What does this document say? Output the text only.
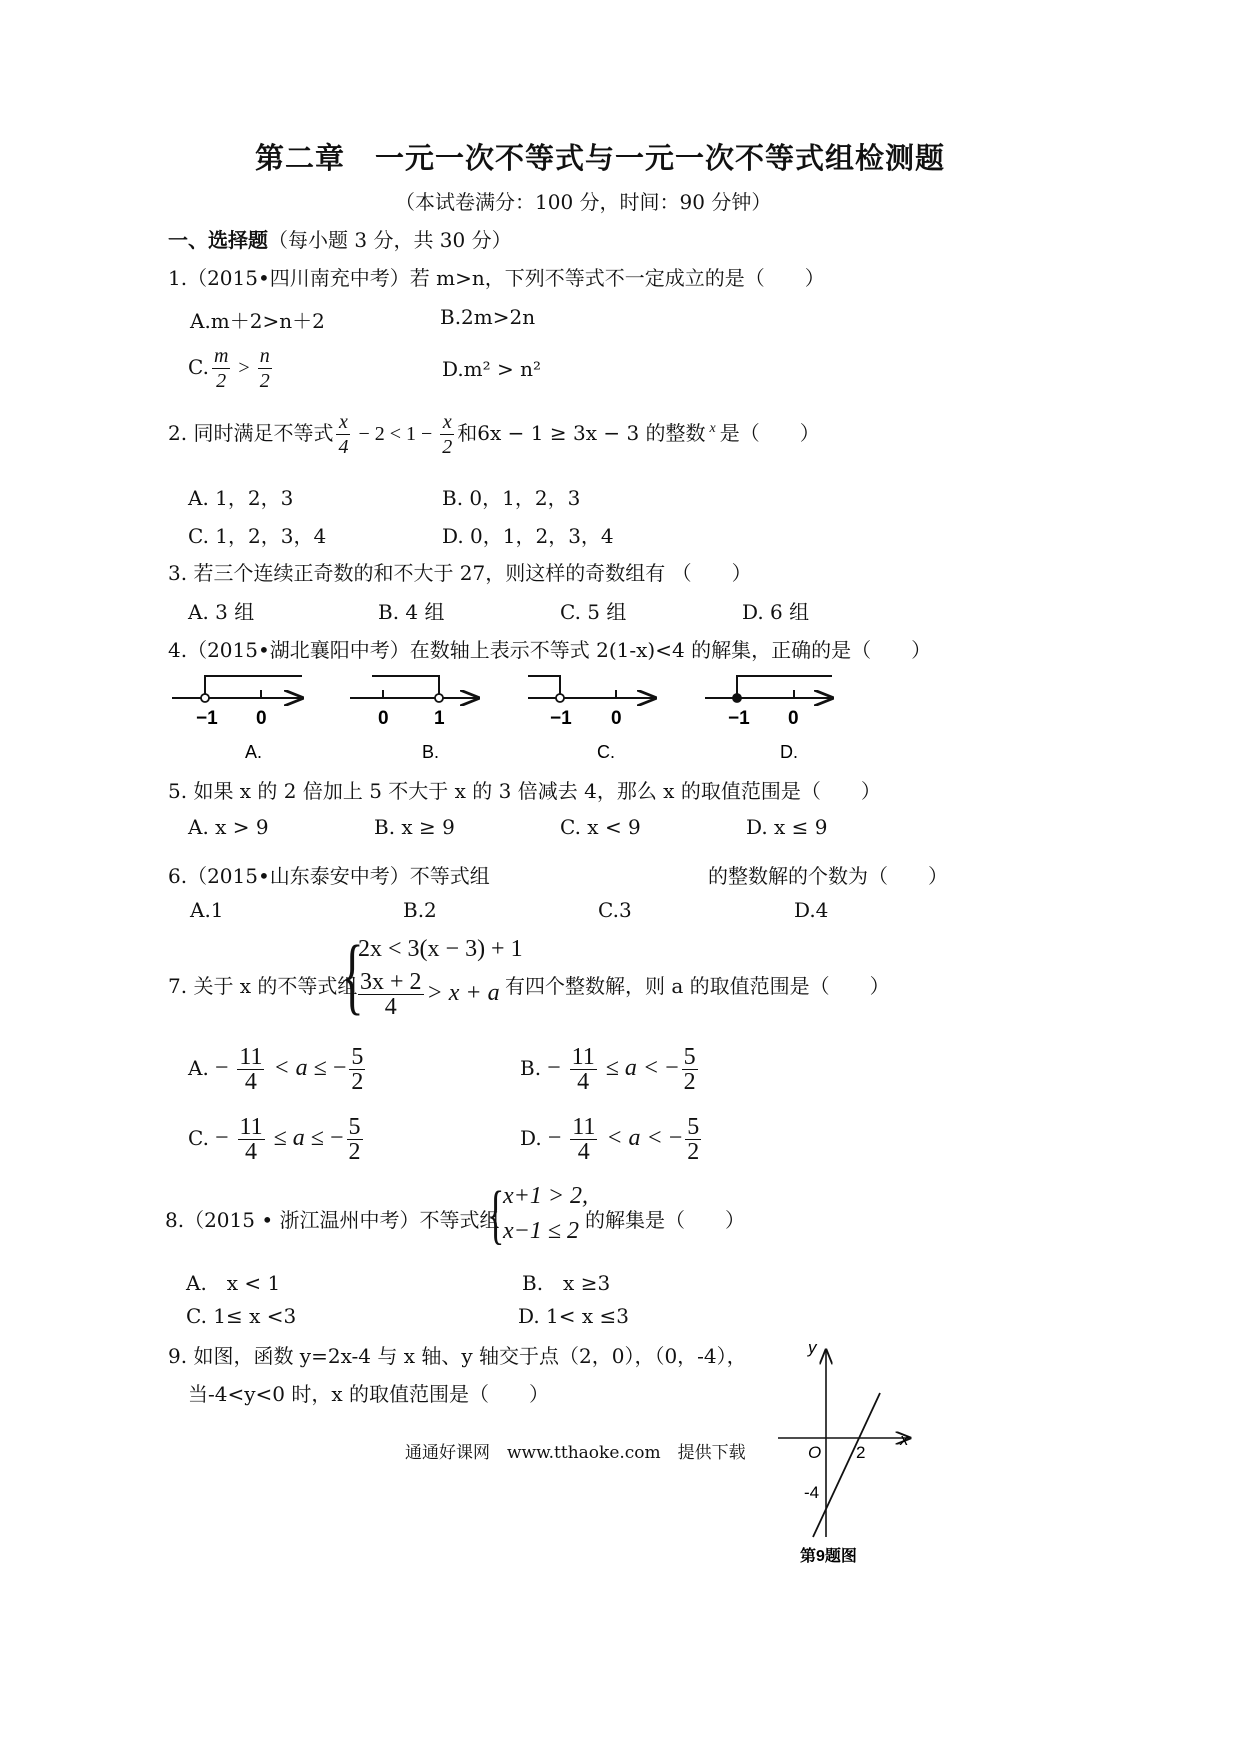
第二章　一元一次不等式与一元一次不等式组检测题
（本试卷满分：100 分，时间：90 分钟）
一、选择题（每小题 3 分，共 30 分）
1.（2015•四川南充中考）若 m>n，下列不等式不一定成立的是（　　）
A.m＋2>n＋2	B.2m>2n
C. $\frac{m}{2} > \frac{n}{2}$	D.m² > n²
2. 同时满足不等式 $\frac{x}{4} - 2 < 1 - \frac{x}{2}$ 和6x − 1 ≥ 3x − 3 的整数 $^x$ 是（　　）
A. 1，2，3	B. 0，1，2，3
C. 1，2，3，4	D. 0，1，2，3，4
3. 若三个连续正奇数的和不大于 27，则这样的奇数组有 （　　）
A. 3 组	B. 4 组	C. 5 组	D. 6 组
4.（2015•湖北襄阳中考）在数轴上表示不等式 2(1-x)<4 的解集，正确的是（　　）
−1 0
A.
0 1
B.
−1 0
C.
−1 0
D.
5. 如果 x 的 2 倍加上 5 不大于 x 的 3 倍减去 4，那么 x 的取值范围是（　　）
A. x > 9	B. x ≥ 9	C. x < 9	D. x ≤ 9
6.（2015•山东泰安中考）不等式组	的整数解的个数为（　　）
A.1	B.2	C.3	D.4
7. 关于 x 的不等式组
{
2x < 3(x − 3) + 1
$\frac{3x + 2}{4} > x + a$ 有四个整数解，则 a 的取值范围是（　　）
A. − $\frac{11}{4} < a$ ≤ − $\frac{5}{2}$	B. − $\frac{11}{4} \le a$ < − $\frac{5}{2}$
C. − $\frac{11}{4} \le a$ ≤ − $\frac{5}{2}$	D. − $\frac{11}{4} < a$ < − $\frac{5}{2}$
8.（2015 • 浙江温州中考）不等式组
{
x+1 > 2,
x−1 ≤ 2 的解集是（　　）
A.　x < 1	B.　x ≥3
C. 1≤ x <3	D. 1< x ≤3
9. 如图，函数 y=2x-4 与 x 轴、y 轴交于点（2，0），（0，-4），
当-4<y<0 时，x 的取值范围是（　　）
y
x
O 2
-4
第9题图
通通好课网　www.tthaoke.com　提供下载
